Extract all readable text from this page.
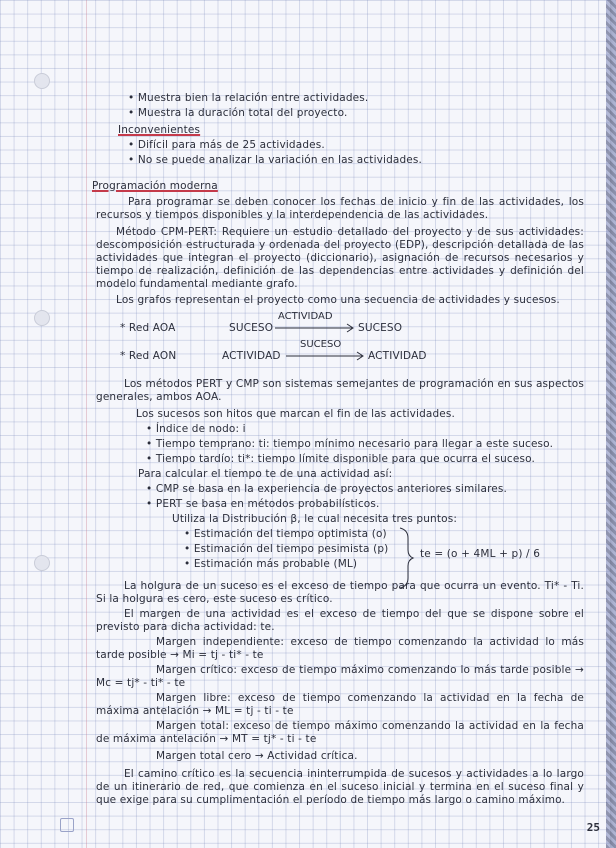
• Muestra bien la relación entre actividades.
• Muestra la duración total del proyecto.
Inconvenientes
• Difícil para más de 25 actividades.
• No se puede analizar la variación en las actividades.
Programación moderna
Para programar se deben conocer los fechas de inicio y fin de las actividades, los recursos y tiempos disponibles y la interdependencia de las actividades.
Método CPM-PERT: Requiere un estudio detallado del proyecto y de sus actividades: descomposición estructurada y ordenada del proyecto (EDP), descripción detallada de las actividades que integran el proyecto (diccionario), asignación de recursos necesarios y tiempo de realización, definición de las dependencias entre actividades y definición del modelo fundamental mediante grafo.
Los grafos representan el proyecto como una secuencia de actividades y sucesos.
* Red AOA	SUCESO
ACTIVIDAD
SUCESO
* Red AON	ACTIVIDAD
SUCESO
ACTIVIDAD
Los métodos PERT y CMP son sistemas semejantes de programación en sus aspectos generales, ambos AOA.
Los sucesos son hitos que marcan el fin de las actividades.
• Índice de nodo: i
• Tiempo temprano: ti: tiempo mínimo necesario para llegar a este suceso.
• Tiempo tardío: ti*: tiempo límite disponible para que ocurra el suceso.
Para calcular el tiempo te de una actividad así:
• CMP se basa en la experiencia de proyectos anteriores similares.
• PERT se basa en métodos probabilísticos.
Utiliza la Distribución β, le cual necesita tres puntos:
• Estimación del tiempo optimista (o)
• Estimación del tiempo pesimista (p)
• Estimación más probable (ML)
te = (o + 4ML + p) / 6
La holgura de un suceso es el exceso de tiempo para que ocurra un evento. Ti* - Ti. Si la holgura es cero, este suceso es crítico.
El margen de una actividad es el exceso de tiempo del que se dispone sobre el previsto para dicha actividad: te.
Margen independiente: exceso de tiempo comenzando la actividad lo más tarde posible → Mi = tj - ti* - te
Margen crítico: exceso de tiempo máximo comenzando lo más tarde posible → Mc = tj* - ti* - te
Margen libre: exceso de tiempo comenzando la actividad en la fecha de máxima antelación → ML = tj - ti - te
Margen total: exceso de tiempo máximo comenzando la actividad en la fecha de máxima antelación → MT = tj* - ti - te
Margen total cero → Actividad crítica.
El camino crítico es la secuencia ininterrumpida de sucesos y actividades a lo largo de un itinerario de red, que comienza en el suceso inicial y termina en el suceso final y que exige para su cumplimentación el período de tiempo más largo o camino máximo.
25
